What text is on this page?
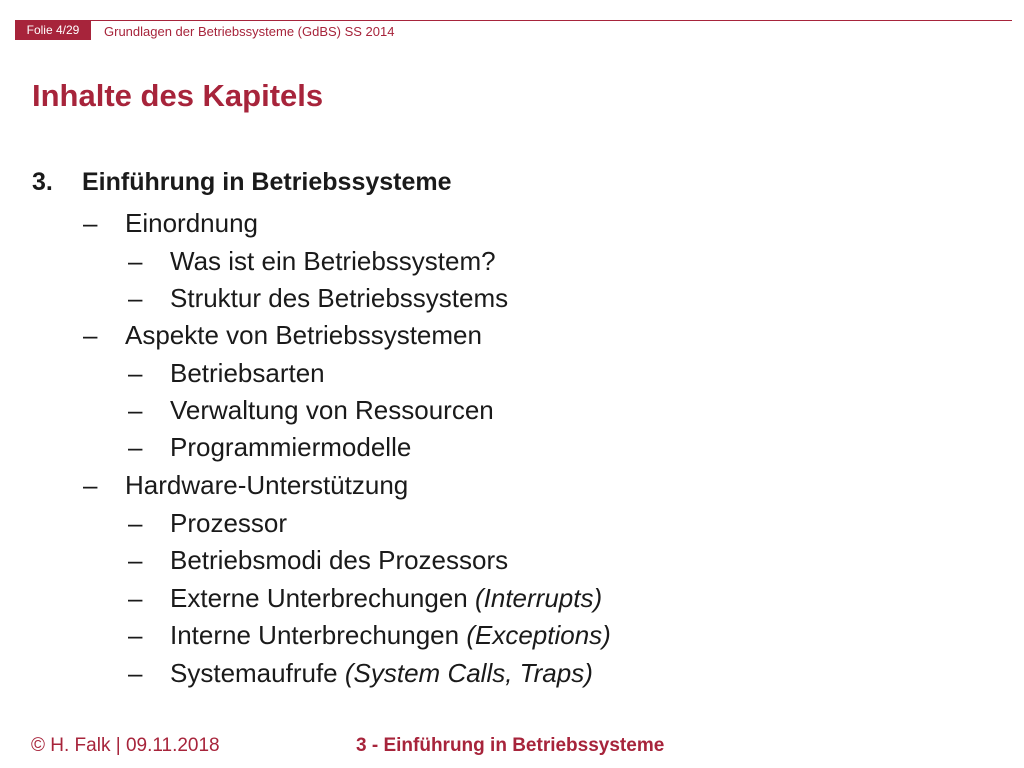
Folie 4/29	Grundlagen der Betriebssysteme (GdBS) SS 2014
Inhalte des Kapitels
3. Einführung in Betriebssysteme
– Einordnung
– Was ist ein Betriebssystem?
– Struktur des Betriebssystems
– Aspekte von Betriebssystemen
– Betriebsarten
– Verwaltung von Ressourcen
– Programmiermodelle
– Hardware-Unterstützung
– Prozessor
– Betriebsmodi des Prozessors
– Externe Unterbrechungen (Interrupts)
– Interne Unterbrechungen (Exceptions)
– Systemaufrufe (System Calls, Traps)
© H. Falk | 09.11.2018	3 - Einführung in Betriebssysteme
